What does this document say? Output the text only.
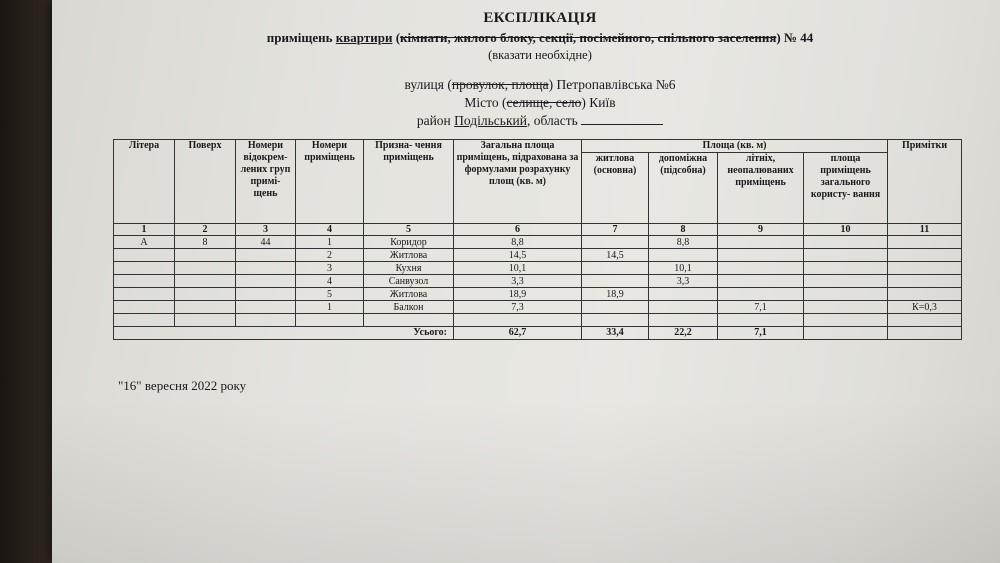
ЕКСПЛІКАЦІЯ
приміщень квартири (кімнати, жилого блоку, секції, посімейного, спільного заселення) № 44
(вказати необхідне)
вулиця (провулок, площа) Петропавлівська №6
Місто (селище, село) Київ
район Подільський, область
Літера	Поверх	Номери відокрем- лених груп примі- щень	Номери приміщень	Призна- чення приміщень	Загальна площа приміщень, підрахована за формулами розрахунку площ (кв. м)	Площа (кв. м)				Примітки
						житлова (основна)	допоміжна (підсобна)	літніх, неопалюваних приміщень	площа приміщень загального користу- вання	
1	2	3	4	5	6	7	8	9	10	11
А	8	44	1	Коридор	8,8		8,8			
			2	Житлова	14,5	14,5				
			3	Кухня	10,1		10,1			
			4	Санвузол	3,3		3,3			
			5	Житлова	18,9	18,9				
			1	Балкон	7,3			7,1		К=0,3

Усього:					62,7	33,4	22,2	7,1		
"16" вересня 2022 року
